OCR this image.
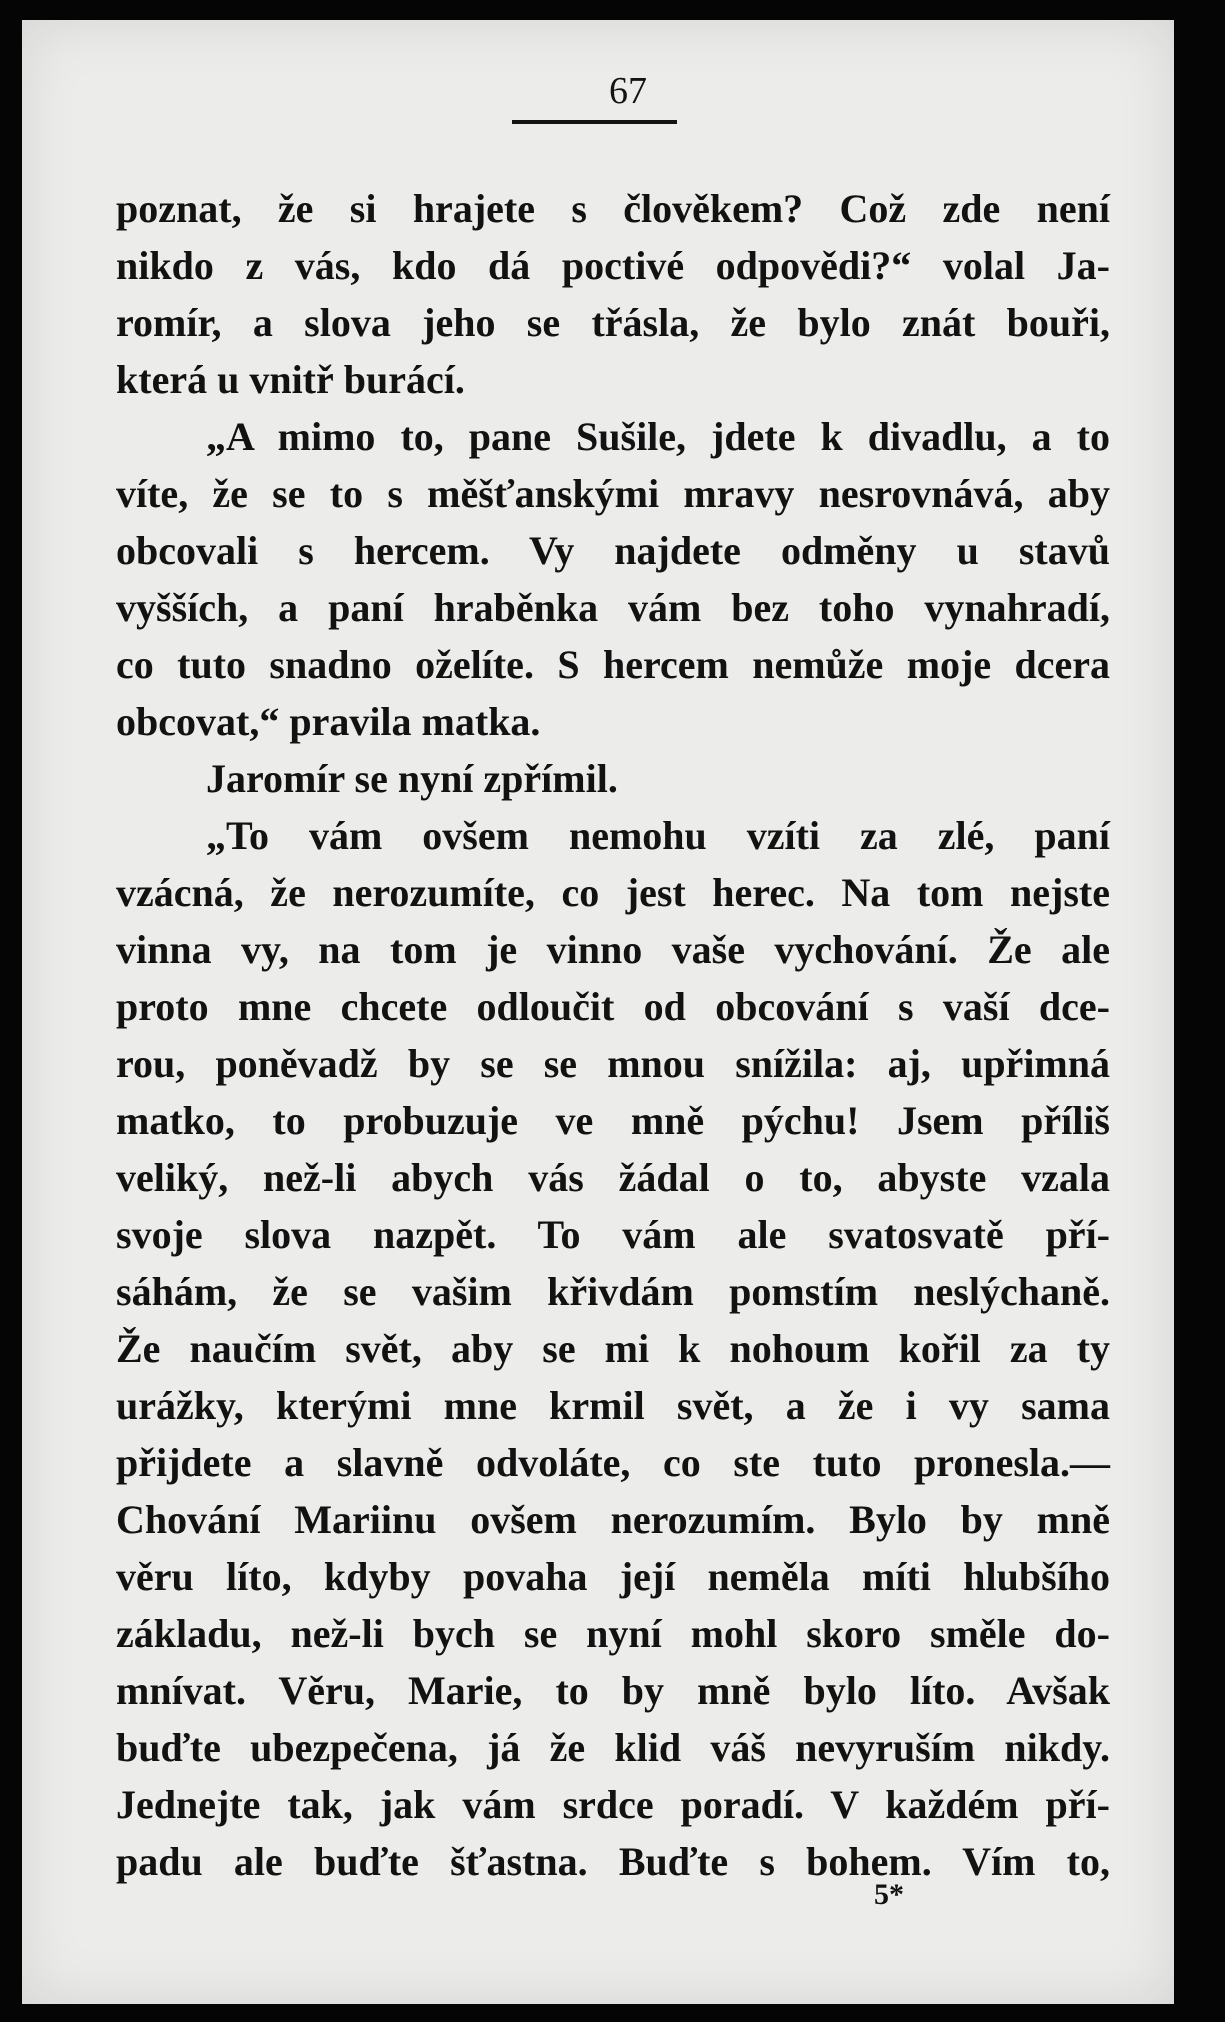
67
poznat, že si hrajete s člověkem? Což zde není
nikdo z vás, kdo dá poctivé odpovědi?“ volal Ja-
romír, a slova jeho se třásla, že bylo znát bouři,
která u vnitř burácí.
„A mimo to, pane Sušile, jdete k divadlu, a to
víte, že se to s měšťanskými mravy nesrovnává, aby
obcovali s hercem. Vy najdete odměny u stavů
vyšších, a paní hraběnka vám bez toho vynahradí,
co tuto snadno oželíte. S hercem nemůže moje dcera
obcovat,“ pravila matka.
Jaromír se nyní zpřímil.
„To vám ovšem nemohu vzíti za zlé, paní
vzácná, že nerozumíte, co jest herec. Na tom nejste
vinna vy, na tom je vinno vaše vychování. Že ale
proto mne chcete odloučit od obcování s vaší dce-
rou, poněvadž by se se mnou snížila: aj, upřimná
matko, to probuzuje ve mně pýchu! Jsem příliš
veliký, než-li abych vás žádal o to, abyste vzala
svoje slova nazpět. To vám ale svatosvatě pří-
sáhám, že se vašim křivdám pomstím neslýchaně.
Že naučím svět, aby se mi k nohoum kořil za ty
urážky, kterými mne krmil svět, a že i vy sama
přijdete a slavně odvoláte, co ste tuto pronesla.—
Chování Mariinu ovšem nerozumím. Bylo by mně
věru líto, kdyby povaha její neměla míti hlubšího
základu, než-li bych se nyní mohl skoro směle do-
mnívat. Věru, Marie, to by mně bylo líto. Avšak
buďte ubezpečena, já že klid váš nevyruším nikdy.
Jednejte tak, jak vám srdce poradí. V každém pří-
padu ale buďte šťastna. Buďte s bohem. Vím to,
5*
